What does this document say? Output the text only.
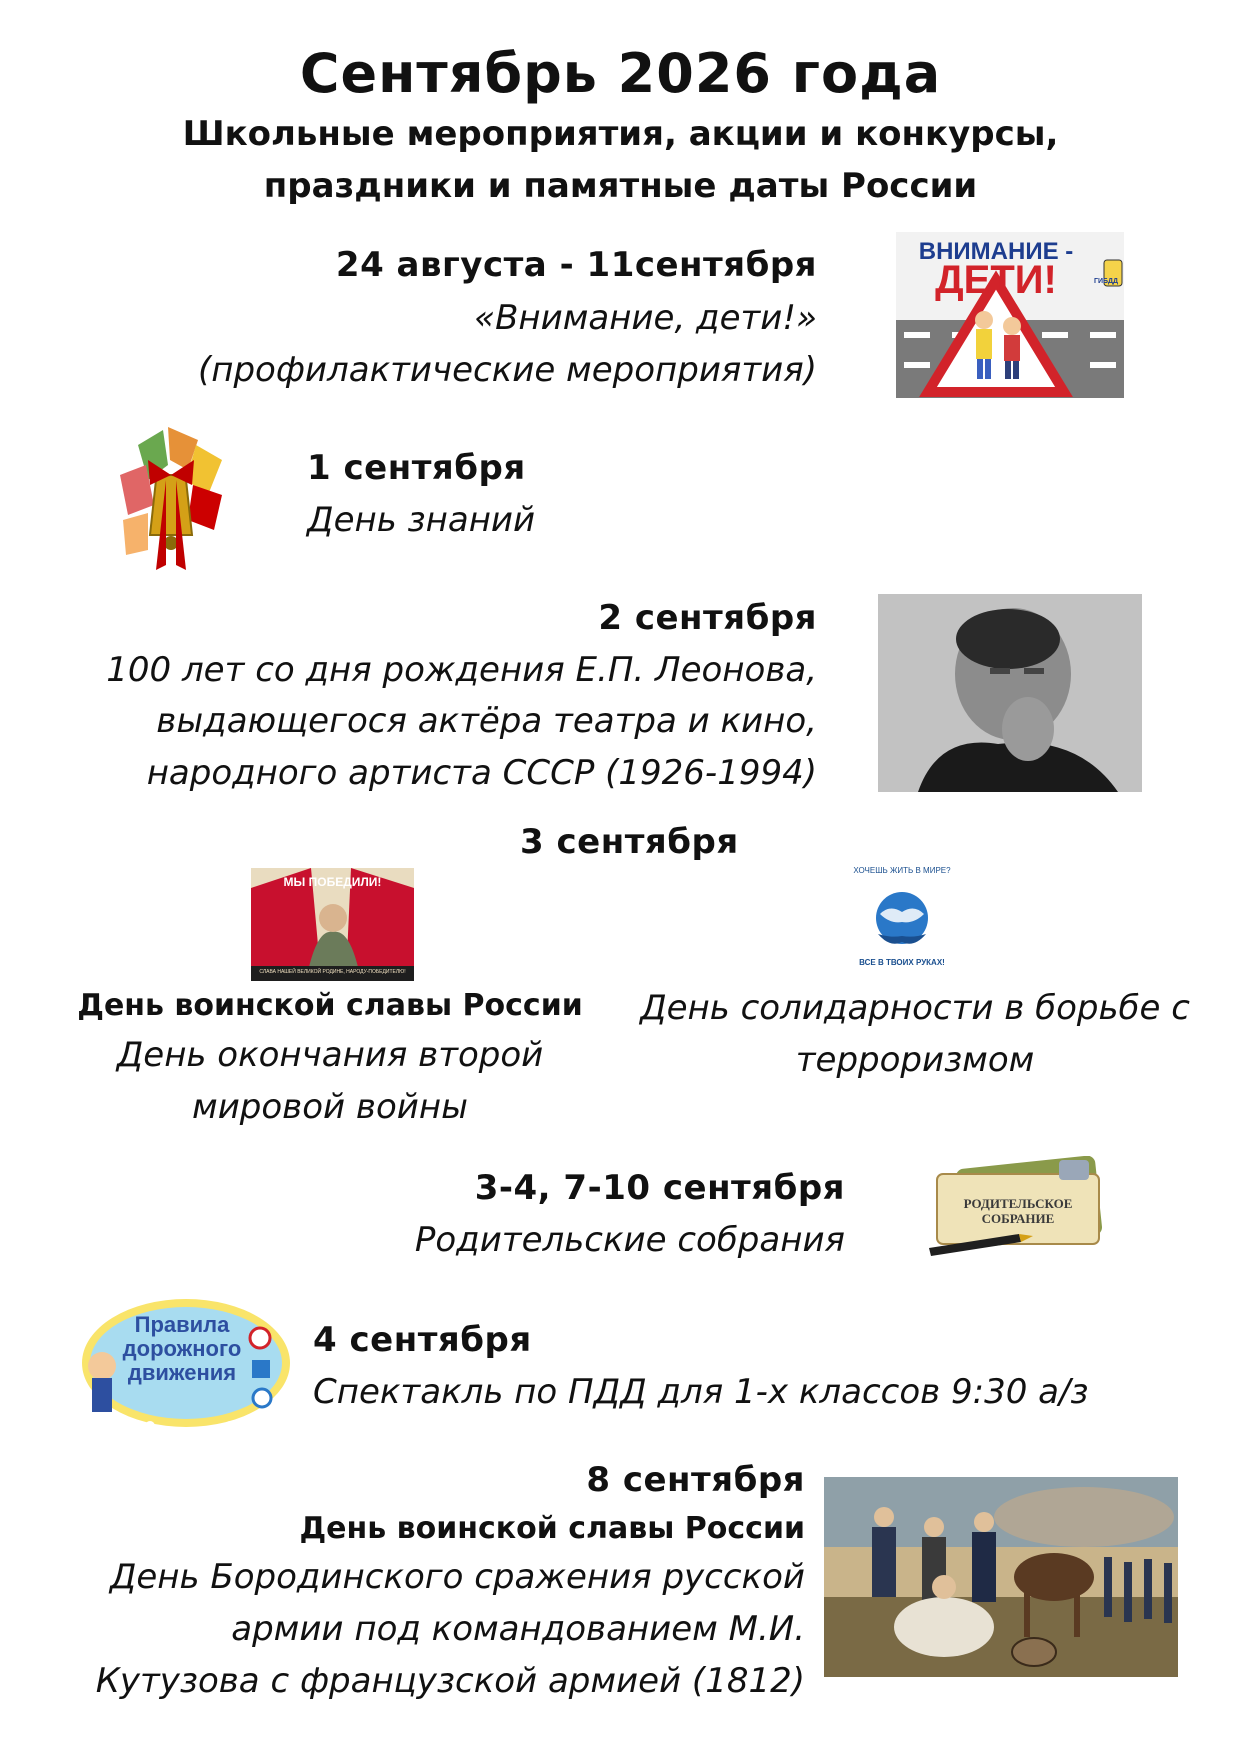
Сентябрь 2026 года
Школьные мероприятия, акции и конкурсы,
праздники и памятные даты России
24 августа - 11сентября
«Внимание, дети!»
(профилактические мероприятия)
ВНИМАНИЕ -
ДЕТИ!	ГИБДД
1 сентября
День знаний
2 сентября
100 лет со дня рождения Е.П. Леонова,
выдающегося актёра театра и кино,
народного артиста СССР (1926-1994)
3 сентября
МЫ ПОБЕДИЛИ!
СЛАВА НАШЕЙ ВЕЛИКОЙ РОДИНЕ, НАРОДУ-ПОБЕДИТЕЛЮ!
День воинской славы России
День окончания второй
мировой войны
ХОЧЕШЬ ЖИТЬ В МИРЕ?
ВСЕ В ТВОИХ РУКАХ!
День солидарности в борьбе с
терроризмом
3-4, 7-10 сентября
Родительские собрания
РОДИТЕЛЬСКОЕ
СОБРАНИЕ
Правила
дорожного
движения
4 сентября
Спектакль по ПДД для 1-х классов 9:30 а/з
8 сентября
День воинской славы России
День Бородинского сражения русской
армии под командованием М.И.
Кутузова с французской армией (1812)
